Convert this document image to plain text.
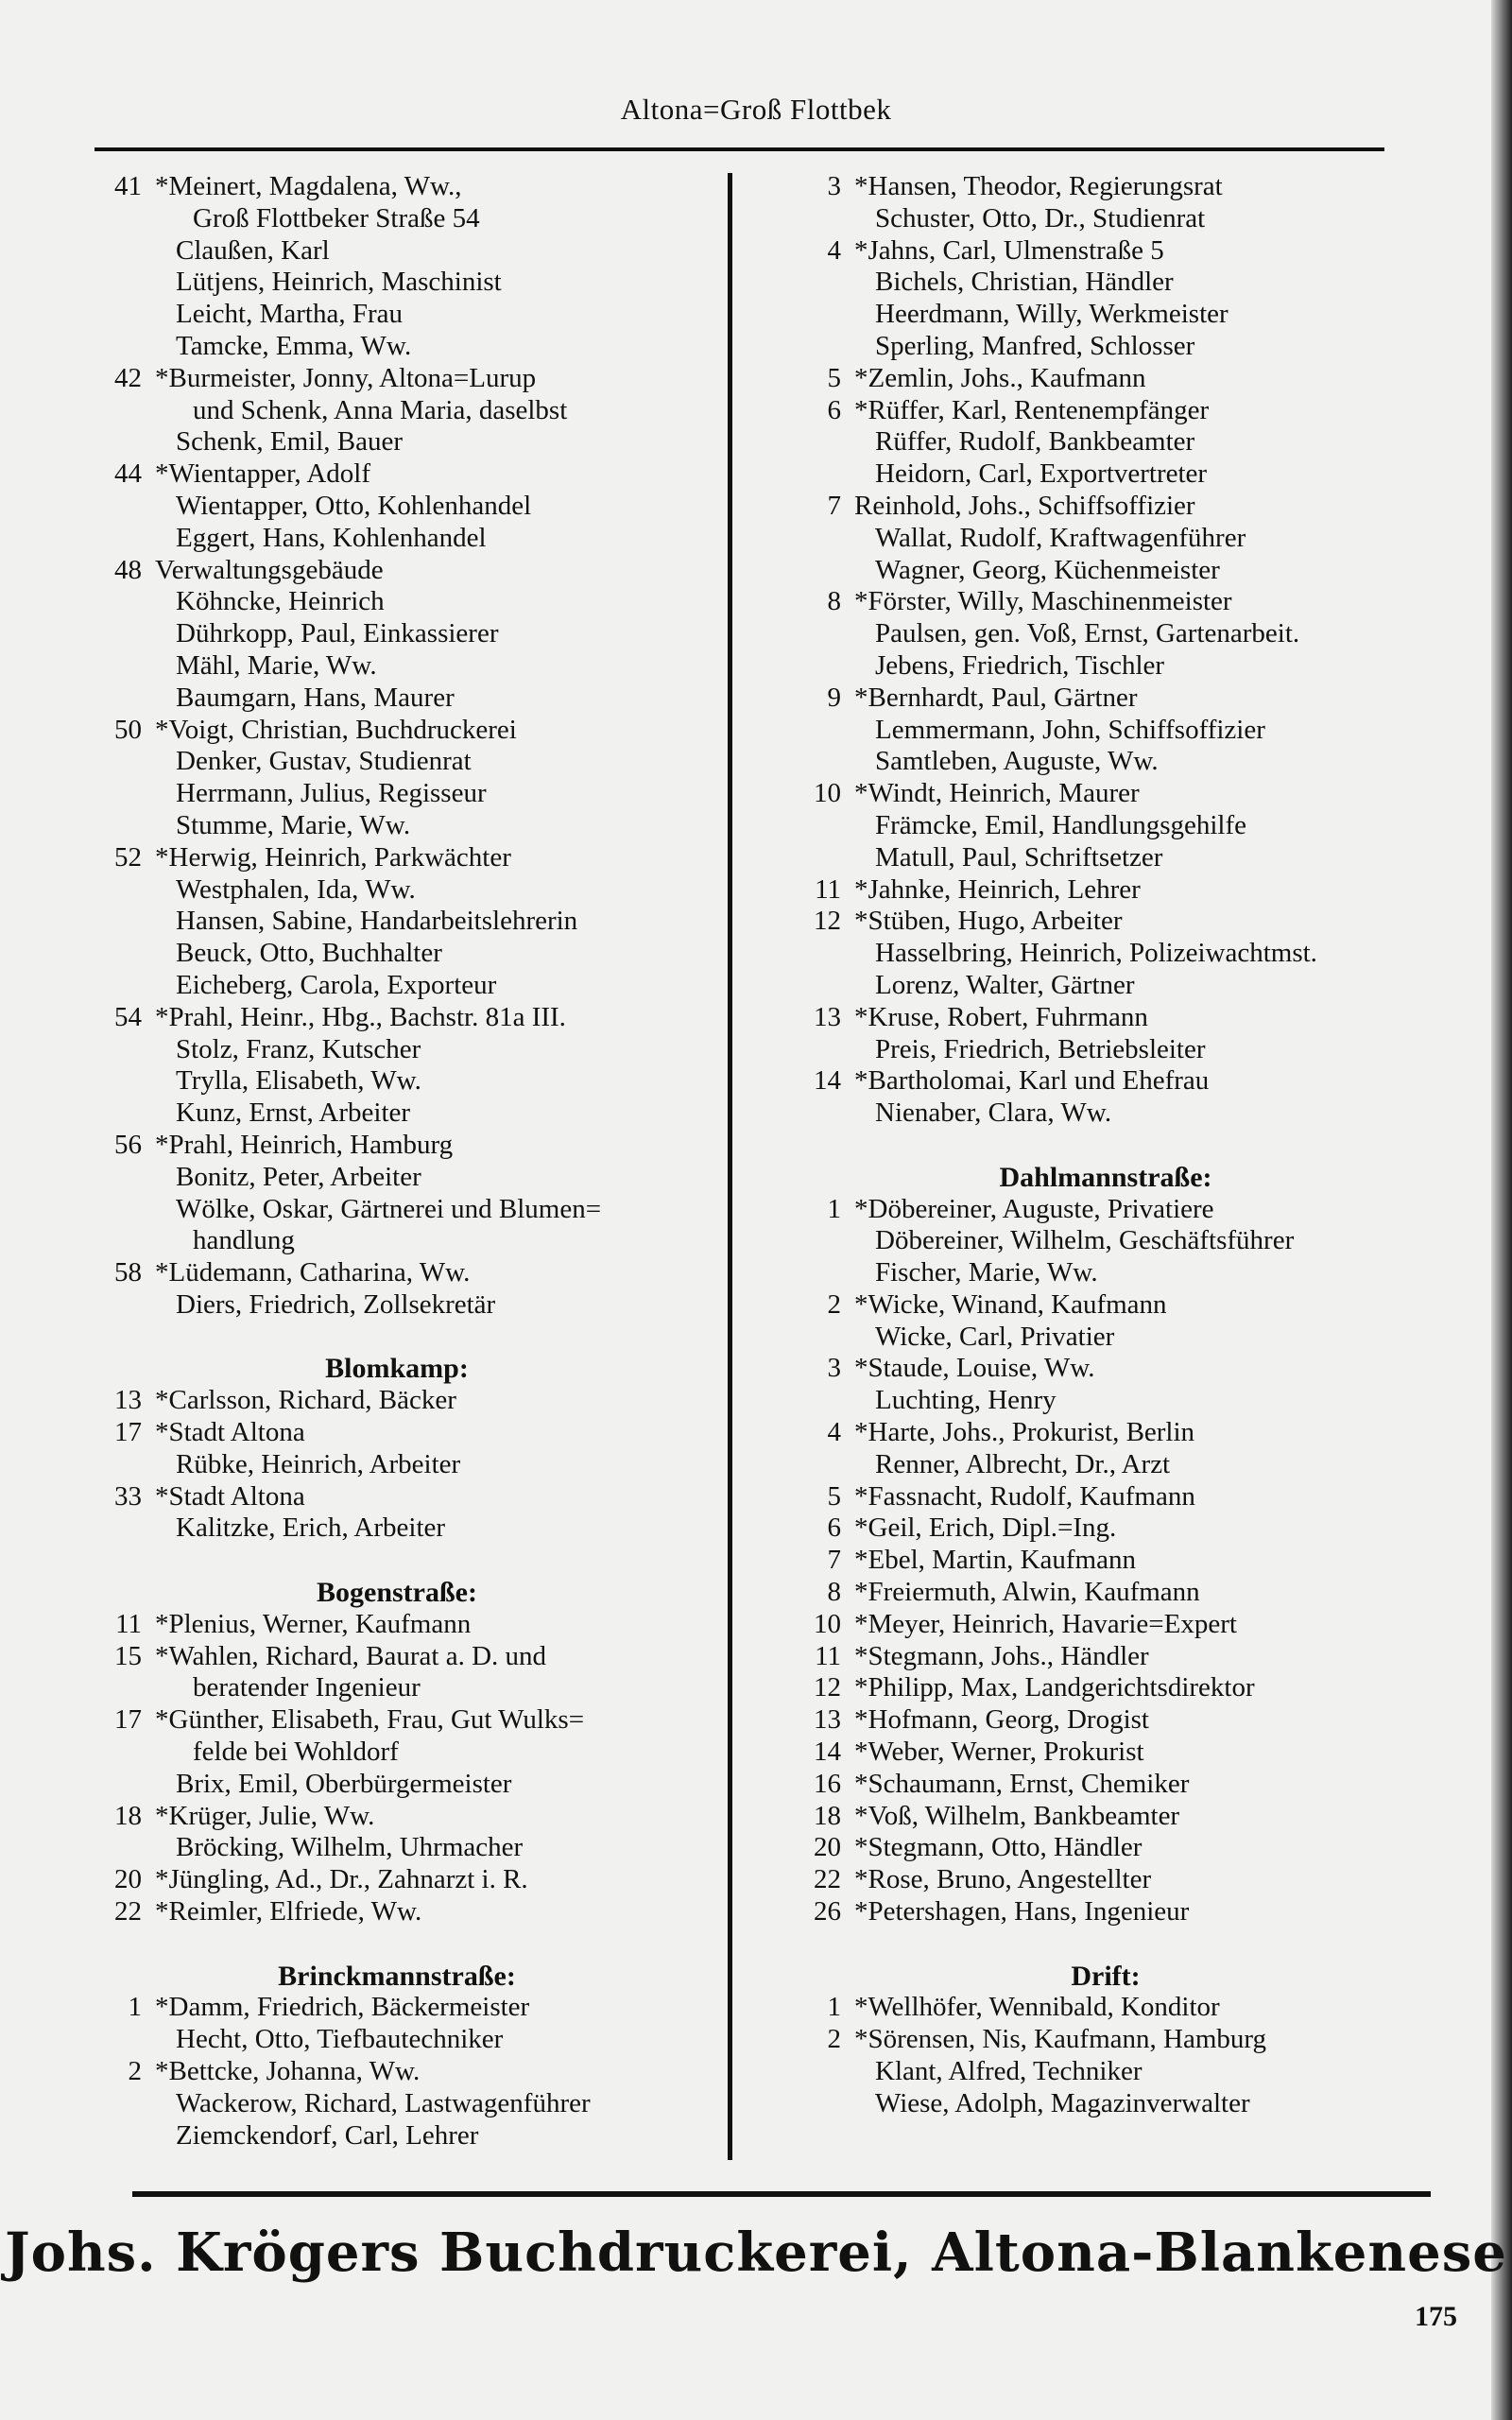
Altona=Groß Flottbek
41 *Meinert, Magdalena, Ww.,
Groß Flottbeker Straße 54
Claußen, Karl
Lütjens, Heinrich, Maschinist
Leicht, Martha, Frau
Tamcke, Emma, Ww.
42 *Burmeister, Jonny, Altona=Lurup
und Schenk, Anna Maria, daselbst
Schenk, Emil, Bauer
44 *Wientapper, Adolf
Wientapper, Otto, Kohlenhandel
Eggert, Hans, Kohlenhandel
48 Verwaltungsgebäude
Köhncke, Heinrich
Dührkopp, Paul, Einkassierer
Mähl, Marie, Ww.
Baumgarn, Hans, Maurer
50 *Voigt, Christian, Buchdruckerei
Denker, Gustav, Studienrat
Herrmann, Julius, Regisseur
Stumme, Marie, Ww.
52 *Herwig, Heinrich, Parkwächter
Westphalen, Ida, Ww.
Hansen, Sabine, Handarbeitslehrerin
Beuck, Otto, Buchhalter
Eicheberg, Carola, Exporteur
54 *Prahl, Heinr., Hbg., Bachstr. 81a III.
Stolz, Franz, Kutscher
Trylla, Elisabeth, Ww.
Kunz, Ernst, Arbeiter
56 *Prahl, Heinrich, Hamburg
Bonitz, Peter, Arbeiter
Wölke, Oskar, Gärtnerei und Blumen=
handlung
58 *Lüdemann, Catharina, Ww.
Diers, Friedrich, Zollsekretär
Blomkamp:
13 *Carlsson, Richard, Bäcker
17 *Stadt Altona
Rübke, Heinrich, Arbeiter
33 *Stadt Altona
Kalitzke, Erich, Arbeiter
Bogenstraße:
11 *Plenius, Werner, Kaufmann
15 *Wahlen, Richard, Baurat a. D. und
beratender Ingenieur
17 *Günther, Elisabeth, Frau, Gut Wulks=
felde bei Wohldorf
Brix, Emil, Oberbürgermeister
18 *Krüger, Julie, Ww.
Bröcking, Wilhelm, Uhrmacher
20 *Jüngling, Ad., Dr., Zahnarzt i. R.
22 *Reimler, Elfriede, Ww.
Brinckmannstraße:
1 *Damm, Friedrich, Bäckermeister
Hecht, Otto, Tiefbautechniker
2 *Bettcke, Johanna, Ww.
Wackerow, Richard, Lastwagenführer
Ziemckendorf, Carl, Lehrer
3 *Hansen, Theodor, Regierungsrat
Schuster, Otto, Dr., Studienrat
4 *Jahns, Carl, Ulmenstraße 5
Bichels, Christian, Händler
Heerdmann, Willy, Werkmeister
Sperling, Manfred, Schlosser
5 *Zemlin, Johs., Kaufmann
6 *Rüffer, Karl, Rentenempfänger
Rüffer, Rudolf, Bankbeamter
Heidorn, Carl, Exportvertreter
7 Reinhold, Johs., Schiffsoffizier
Wallat, Rudolf, Kraftwagenführer
Wagner, Georg, Küchenmeister
8 *Förster, Willy, Maschinenmeister
Paulsen, gen. Voß, Ernst, Gartenarbeit.
Jebens, Friedrich, Tischler
9 *Bernhardt, Paul, Gärtner
Lemmermann, John, Schiffsoffizier
Samtleben, Auguste, Ww.
10 *Windt, Heinrich, Maurer
Främcke, Emil, Handlungsgehilfe
Matull, Paul, Schriftsetzer
11 *Jahnke, Heinrich, Lehrer
12 *Stüben, Hugo, Arbeiter
Hasselbring, Heinrich, Polizeiwachtmst.
Lorenz, Walter, Gärtner
13 *Kruse, Robert, Fuhrmann
Preis, Friedrich, Betriebsleiter
14 *Bartholomai, Karl und Ehefrau
Nienaber, Clara, Ww.
Dahlmannstraße:
1 *Döbereiner, Auguste, Privatiere
Döbereiner, Wilhelm, Geschäftsführer
Fischer, Marie, Ww.
2 *Wicke, Winand, Kaufmann
Wicke, Carl, Privatier
3 *Staude, Louise, Ww.
Luchting, Henry
4 *Harte, Johs., Prokurist, Berlin
Renner, Albrecht, Dr., Arzt
5 *Fassnacht, Rudolf, Kaufmann
6 *Geil, Erich, Dipl.=Ing.
7 *Ebel, Martin, Kaufmann
8 *Freiermuth, Alwin, Kaufmann
10 *Meyer, Heinrich, Havarie=Expert
11 *Stegmann, Johs., Händler
12 *Philipp, Max, Landgerichtsdirektor
13 *Hofmann, Georg, Drogist
14 *Weber, Werner, Prokurist
16 *Schaumann, Ernst, Chemiker
18 *Voß, Wilhelm, Bankbeamter
20 *Stegmann, Otto, Händler
22 *Rose, Bruno, Angestellter
26 *Petershagen, Hans, Ingenieur
Drift:
1 *Wellhöfer, Wennibald, Konditor
2 *Sörensen, Nis, Kaufmann, Hamburg
Klant, Alfred, Techniker
Wiese, Adolph, Magazinverwalter
Johs. Krögers Buchdruckerei, Altona-Blankenese
175
